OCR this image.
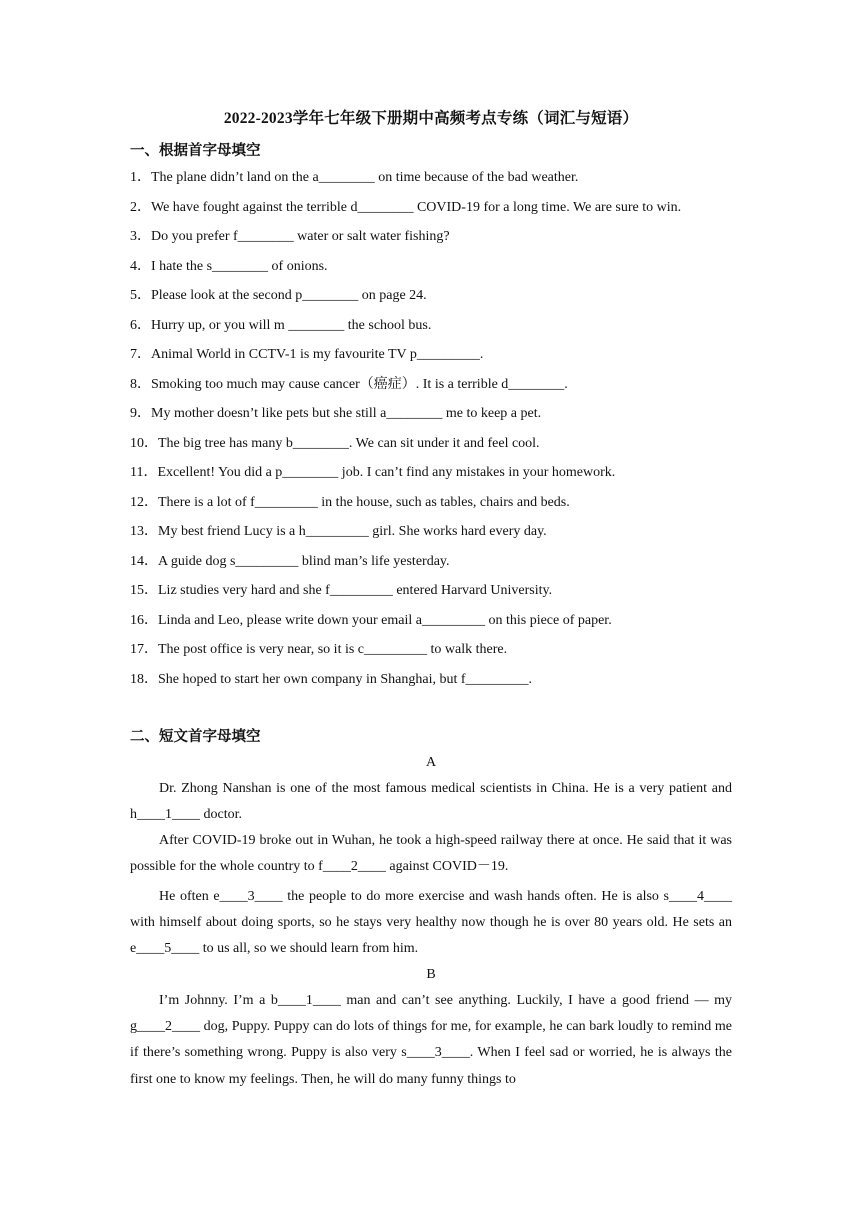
2022-2023学年七年级下册期中高频考点专练（词汇与短语）
一、根据首字母填空
1．The plane didn’t land on the a________ on time because of the bad weather.
2．We have fought against the terrible d________ COVID-19 for a long time. We are sure to win.
3．Do you prefer f________ water or salt water fishing?
4．I hate the s________ of onions.
5．Please look at the second p________ on page 24.
6．Hurry up, or you will m ________ the school bus.
7．Animal World in CCTV-1 is my favourite TV p_________.
8．Smoking too much may cause cancer（癌症）. It is a terrible d________.
9．My mother doesn’t like pets but she still a________ me to keep a pet.
10．The big tree has many b________. We can sit under it and feel cool.
11．Excellent! You did a p________ job. I can’t find any mistakes in your homework.
12．There is a lot of f_________ in the house, such as tables, chairs and beds.
13．My best friend Lucy is a h_________ girl. She works hard every day.
14．A guide dog s_________ blind man’s life yesterday.
15．Liz studies very hard and she f_________ entered Harvard University.
16．Linda and Leo, please write down your email a_________ on this piece of paper.
17．The post office is very near, so it is c_________ to walk there.
18．She hoped to start her own company in Shanghai, but f_________.
二、短文首字母填空
A

Dr. Zhong Nanshan is one of the most famous medical scientists in China. He is a very patient and h____1____ doctor.

After COVID-19 broke out in Wuhan, he took a high-speed railway there at once. He said that it was possible for the whole country to f____2____ against COVID－19.

He often e____3____ the people to do more exercise and wash hands often. He is also s____4____ with himself about doing sports, so he stays very healthy now though he is over 80 years old. He sets an e____5____ to us all, so we should learn from him.

B

I’m Johnny. I’m a b____1____ man and can’t see anything. Luckily, I have a good friend — my g____2____ dog, Puppy. Puppy can do lots of things for me, for example, he can bark loudly to remind me if there’s something wrong. Puppy is also very s____3____. When I feel sad or worried, he is always the first one to know my feelings. Then, he will do many funny things to
